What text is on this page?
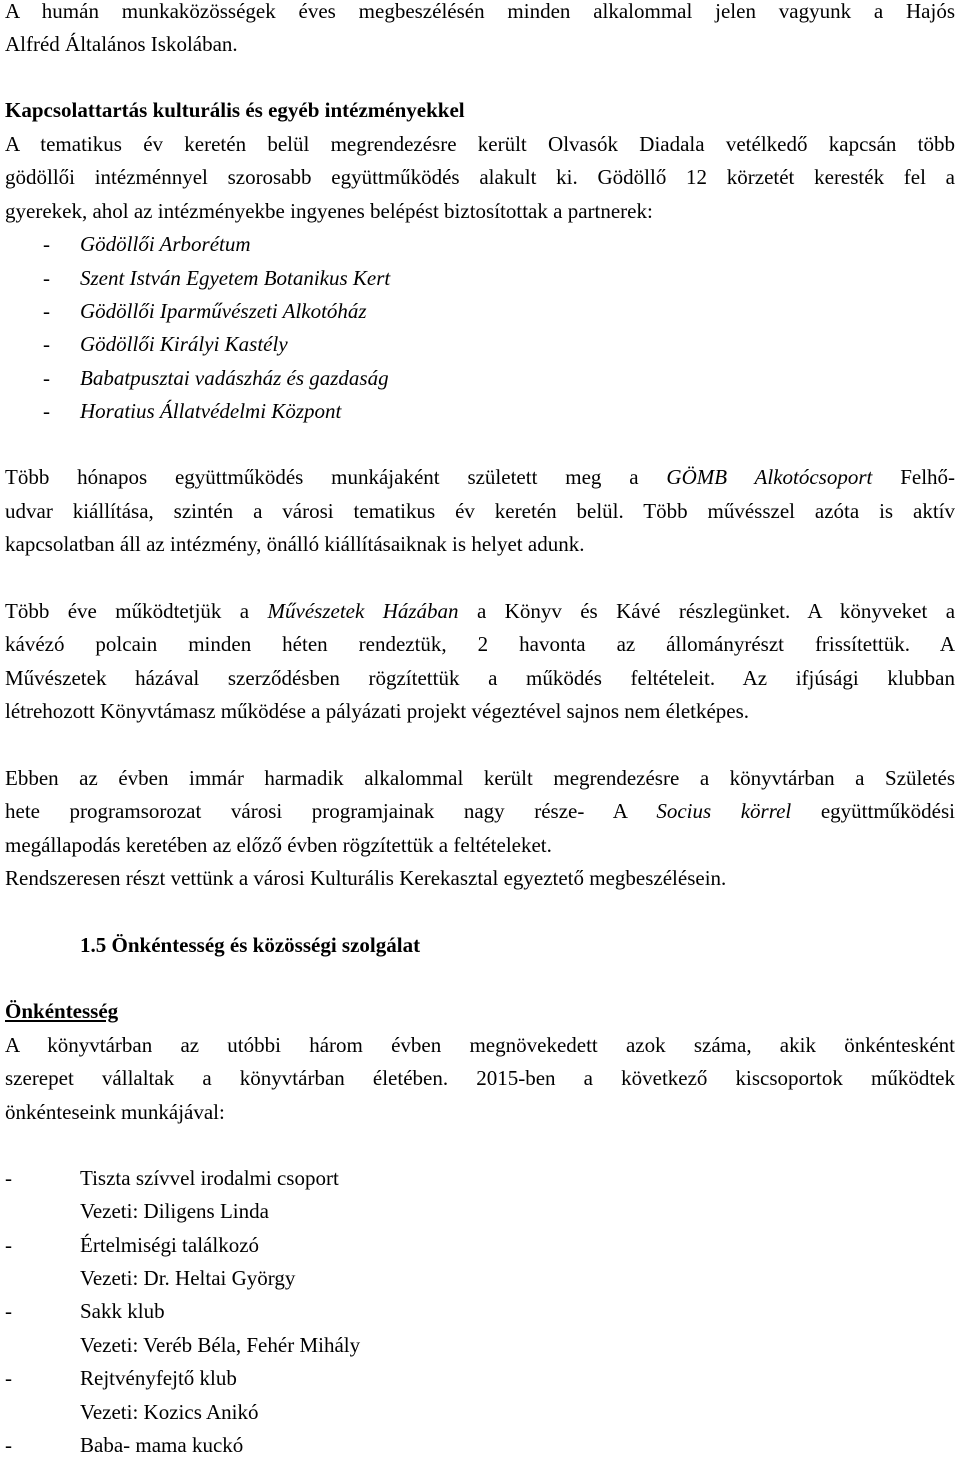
A humán munkaközösségek éves megbeszélésén minden alkalommal jelen vagyunk a Hajós
Alfréd Általános Iskolában.
Kapcsolattartás kulturális és egyéb intézményekkel
A tematikus év keretén belül megrendezésre került Olvasók Diadala vetélkedő kapcsán több
gödöllői intézménnyel szorosabb együttműködés alakult ki. Gödöllő 12 körzetét keresték fel a
gyerekek, ahol az intézményekbe ingyenes belépést biztosítottak a partnerek:
- Gödöllői Arborétum
- Szent István Egyetem Botanikus Kert
- Gödöllői Iparművészeti Alkotóház
- Gödöllői Királyi Kastély
- Babatpusztai vadászház és gazdaság
- Horatius Állatvédelmi Központ
Több hónapos együttműködés munkájaként született meg a GÖMB Alkotócsoport Felhő-
udvar kiállítása, szintén a városi tematikus év keretén belül. Több művésszel azóta is aktív
kapcsolatban áll az intézmény, önálló kiállításaiknak is helyet adunk.
Több éve működtetjük a Művészetek Házában a Könyv és Kávé részlegünket. A könyveket a
kávézó polcain minden héten rendeztük, 2 havonta az állományrészt frissítettük. A
Művészetek házával szerződésben rögzítettük a működés feltételeit. Az ifjúsági klubban
létrehozott Könyvtámasz működése a pályázati projekt végeztével sajnos nem életképes.
Ebben az évben immár harmadik alkalommal került megrendezésre a könyvtárban a Születés
hete programsorozat városi programjainak nagy része- A Socius körrel együttműködési
megállapodás keretében az előző évben rögzítettük a feltételeket.
Rendszeresen részt vettünk a városi Kulturális Kerekasztal egyeztető megbeszélésein.
1.5 Önkéntesség és közösségi szolgálat
Önkéntesség
A könyvtárban az utóbbi három évben megnövekedett azok száma, akik önkéntesként
szerepet vállaltak a könyvtárban életében. 2015-ben a következő kiscsoportok működtek
önkénteseink munkájával:
-	Tiszta szívvel irodalmi csoport
Vezeti: Diligens Linda
-	Értelmiségi találkozó
Vezeti: Dr. Heltai György
-	Sakk klub
Vezeti: Veréb Béla, Fehér Mihály
-	Rejtvényfejtő klub
Vezeti: Kozics Anikó
-	Baba- mama kuckó
